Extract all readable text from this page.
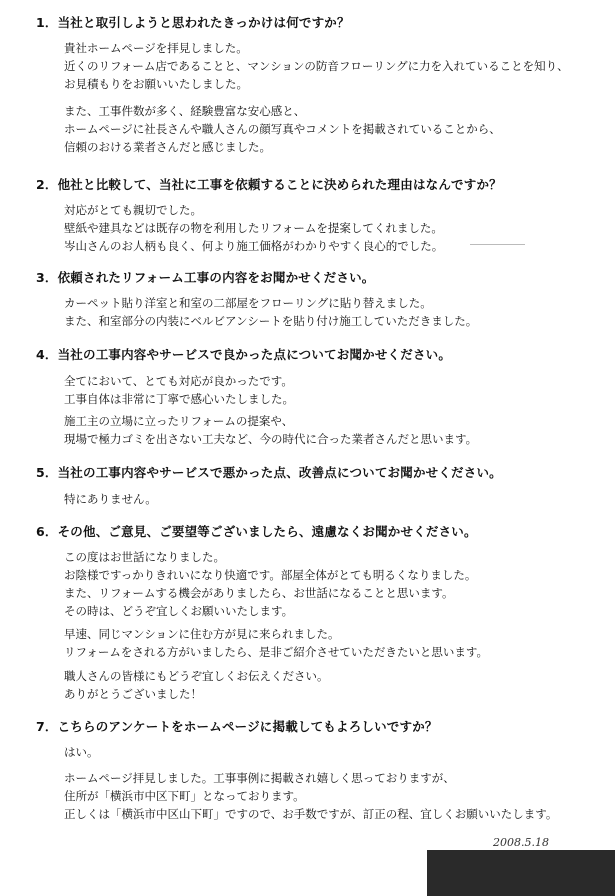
1．当社と取引しようと思われたきっかけは何ですか？
貴社ホームページを拝見しました。
近くのリフォーム店であることと、マンションの防音フローリングに力を入れていることを知り、
お見積もりをお願いいたしました。
また、工事件数が多く、経験豊富な安心感と、
ホームページに社長さんや職人さんの顔写真やコメントを掲載されていることから、
信頼のおける業者さんだと感じました。
2．他社と比較して、当社に工事を依頼することに決められた理由はなんですか？
対応がとても親切でした。
壁紙や建具などは既存の物を利用したリフォームを提案してくれました。
岑山さんのお人柄も良く、何より施工価格がわかりやすく良心的でした。
3．依頼されたリフォーム工事の内容をお聞かせください。
カーペット貼り洋室と和室の二部屋をフローリングに貼り替えました。
また、和室部分の内装にベルビアンシートを貼り付け施工していただきました。
4．当社の工事内容やサービスで良かった点についてお聞かせください。
全てにおいて、とても対応が良かったです。
工事自体は非常に丁寧で感心いたしました。
施工主の立場に立ったリフォームの提案や、
現場で極力ゴミを出さない工夫など、今の時代に合った業者さんだと思います。
5．当社の工事内容やサービスで悪かった点、改善点についてお聞かせください。
特にありません。
6．その他、ご意見、ご要望等ございましたら、遠慮なくお聞かせください。
この度はお世話になりました。
お陰様ですっかりきれいになり快適です。部屋全体がとても明るくなりました。
また、リフォームする機会がありましたら、お世話になることと思います。
その時は、どうぞ宜しくお願いいたします。
早速、同じマンションに住む方が見に来られました。
リフォームをされる方がいましたら、是非ご紹介させていただきたいと思います。
職人さんの皆様にもどうぞ宜しくお伝えください。
ありがとうございました！
7．こちらのアンケートをホームページに掲載してもよろしいですか？
はい。
ホームページ拝見しました。工事事例に掲載され嬉しく思っておりますが、
住所が「横浜市中区下町」となっております。
正しくは「横浜市中区山下町」ですので、お手数ですが、訂正の程、宜しくお願いいたします。
2008.5.18
